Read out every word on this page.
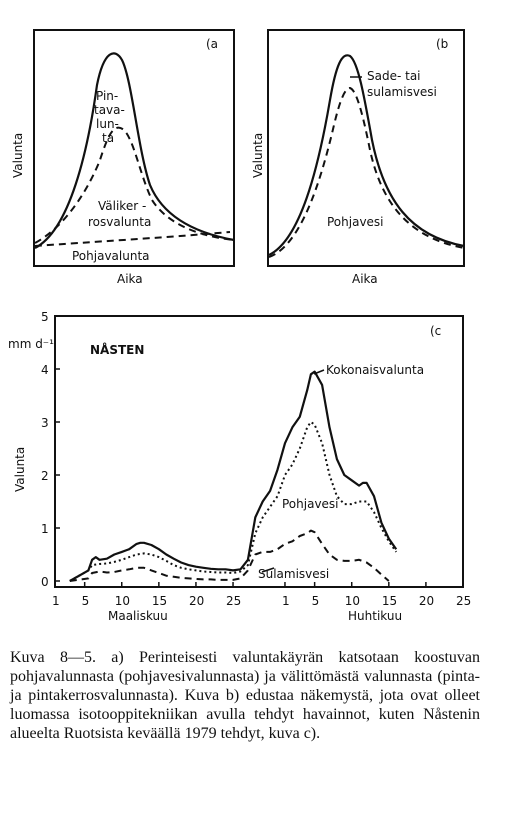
(a
Valunta
Aika
Pin-
tava-
lun-
ta
Väliker -
rosvalunta
Pohjavalunta
(b
Valunta
Aika
Sade- tai
sulamisvesi
Pohjavesi
(c
NÅSTEN
mm d⁻¹
Valunta
0
1
2
3
4
5
1 5 10 15 20 25	1 5 10 15 20 25
Maaliskuu	Huhtikuu
Kokonaisvalunta
Pohjavesi
Sulamisvesi

Kuva 8—5. a) Perinteisesti valuntakäyrän katsotaan koostuvan pohjavalunnasta (pohjavesivalunnasta) ja välittömästä valunnasta (pinta-ja pintakerrosvalunnasta). Kuva b) edustaa näkemystä, jota ovat olleet luomassa isotooppitekniikan avulla tehdyt havainnot, kuten Nåstenin alueelta Ruotsista keväällä 1979 tehdyt, kuva c).
